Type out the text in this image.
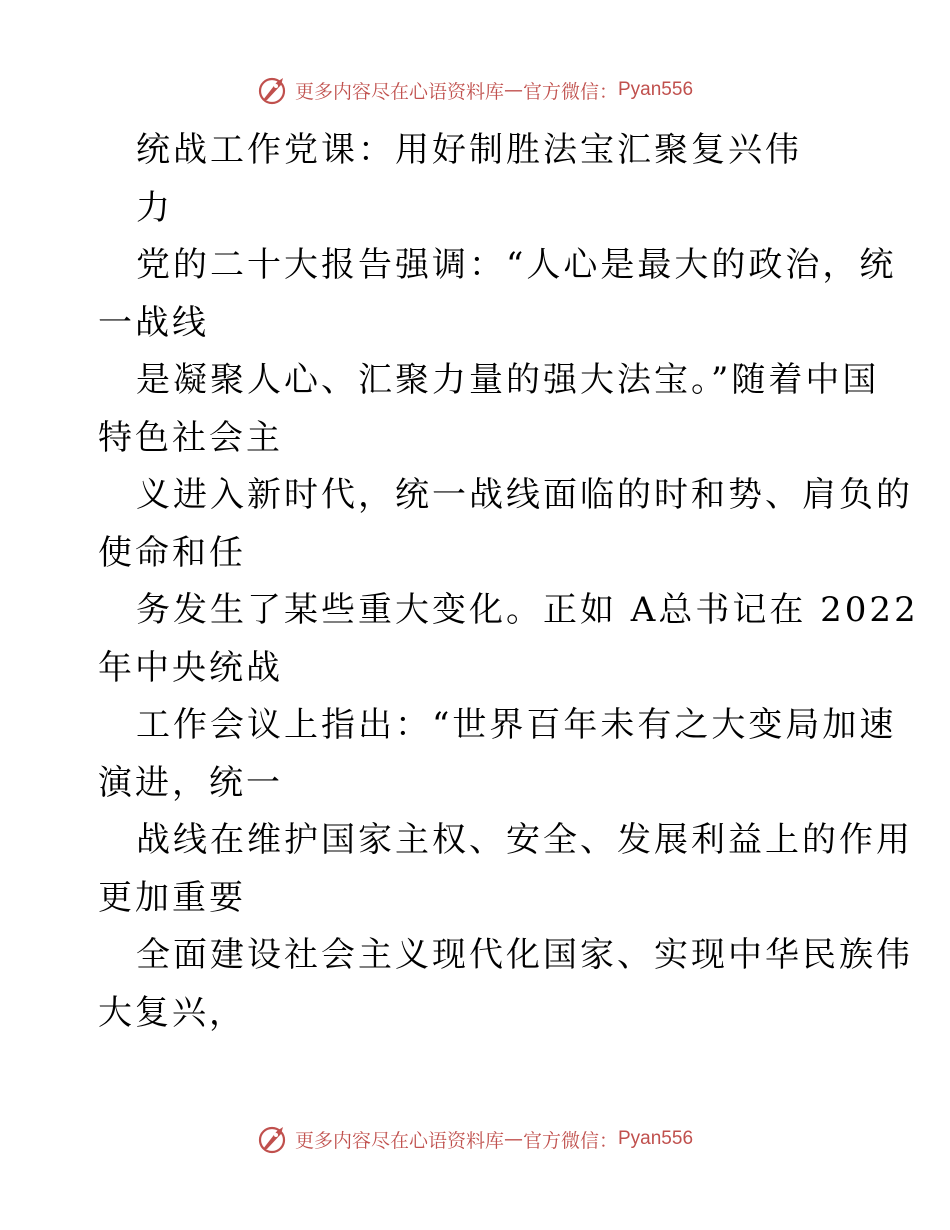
更多内容尽在心语资料库 — 官方微信： Pyan556
统战工作党课：用好制胜法宝汇聚复兴伟
力
党的二十大报告强调：“人心是最大的政治，统
一战线
是凝聚人心、汇聚力量的强大法宝。”随着中国
特色社会主
义进入新时代，统一战线面临的时和势、肩负的
使命和任
务发生了某些重大变化。正如 A总书记在 2022
年中央统战
工作会议上指出：“世界百年未有之大变局加速
演进，统一
战线在维护国家主权、安全、发展利益上的作用
更加重要
全面建设社会主义现代化国家、实现中华民族伟
大复兴，
更多内容尽在心语资料库 — 官方微信： Pyan556
